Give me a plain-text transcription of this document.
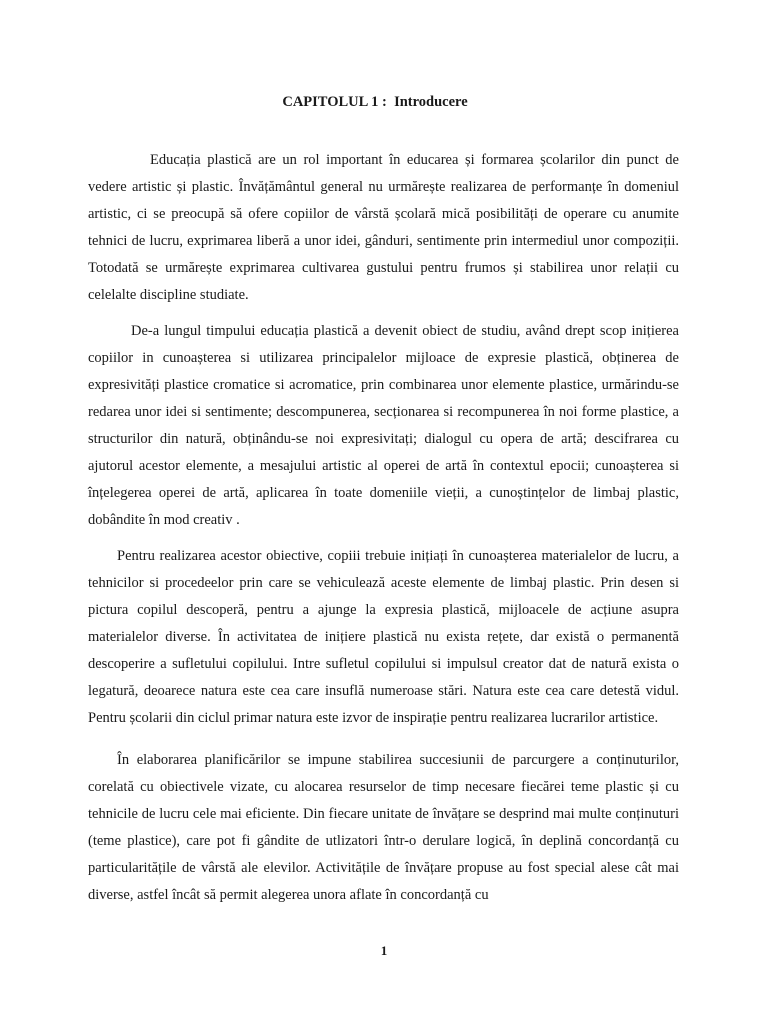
CAPITOLUL 1 :  Introducere

Educația plastică are un rol important în educarea și formarea școlarilor din punct de vedere artistic și plastic. Învățământul general nu urmărește realizarea de performanțe în domeniul artistic, ci se preocupă să ofere copiilor de vârstă școlară mică posibilități de operare cu anumite tehnici de lucru, exprimarea liberă a unor idei, gânduri, sentimente prin intermediul unor compoziții. Totodată se urmărește exprimarea cultivarea gustului pentru frumos și stabilirea unor relații cu celelalte discipline studiate.

De-a lungul timpului educația plastică a devenit obiect de studiu, având drept scop inițierea copiilor in cunoașterea si utilizarea principalelor mijloace de expresie plastică, obținerea de expresivități plastice cromatice si acromatice, prin combinarea unor elemente plastice, urmărindu-se redarea unor idei si sentimente; descompunerea, secționarea si recompunerea în noi forme plastice, a structurilor din natură, obținându-se noi expresivitați; dialogul cu opera de artă; descifrarea cu ajutorul acestor elemente, a mesajului artistic al operei de artă în contextul epocii; cunoașterea si înțelegerea operei de artă, aplicarea în toate domeniile vieții, a cunoștințelor de limbaj plastic, dobândite în mod creativ .

Pentru realizarea acestor obiective, copiii trebuie inițiați în cunoașterea materialelor de lucru, a tehnicilor si procedeelor prin care se vehiculează aceste elemente de limbaj plastic. Prin desen si pictura copilul descoperă, pentru a ajunge la expresia plastică, mijloacele de acțiune asupra materialelor diverse. În activitatea de inițiere plastică nu exista rețete, dar există o permanentă descoperire a sufletului copilului. Intre sufletul copilului si impulsul creator dat de natură exista o legatură, deoarece natura este cea care insuflă numeroase stări. Natura este cea care detestă vidul. Pentru școlarii din ciclul primar natura este izvor de inspirație pentru realizarea lucrarilor artistice.

În elaborarea planificărilor se impune stabilirea succesiunii de parcurgere a conținuturilor, corelată cu obiectivele vizate, cu alocarea resurselor de timp necesare fiecărei teme plastic și cu tehnicile de lucru cele mai eficiente. Din fiecare unitate de învățare se desprind mai multe conținuturi (teme plastice), care pot fi gândite de utlizatori într-o derulare logică, în deplină concordanță cu particularitățile de vârstă ale elevilor. Activitățile de învățare propuse au fost special alese cât mai diverse, astfel încât să permit alegerea unora aflate în concordanță cu

1
